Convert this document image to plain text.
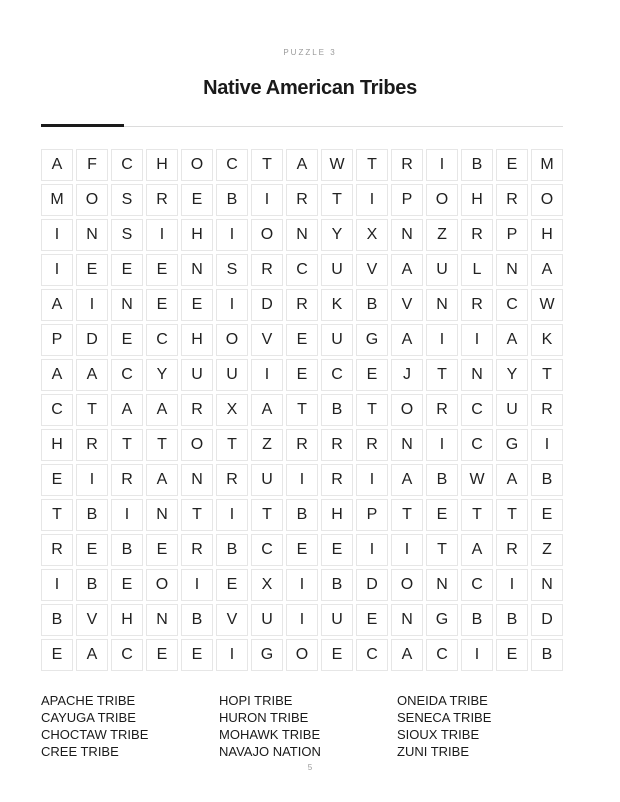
PUZZLE 3
Native American Tribes
A	F	C	H	O	C	T	A	W	T	R	I	B	E	M
M	O	S	R	E	B	I	R	T	I	P	O	H	R	O
I	N	S	I	H	I	O	N	Y	X	N	Z	R	P	H
I	E	E	E	N	S	R	C	U	V	A	U	L	N	A
A	I	N	E	E	I	D	R	K	B	V	N	R	C	W
P	D	E	C	H	O	V	E	U	G	A	I	I	A	K
A	A	C	Y	U	U	I	E	C	E	J	T	N	Y	T
C	T	A	A	R	X	A	T	B	T	O	R	C	U	R
H	R	T	T	O	T	Z	R	R	R	N	I	C	G	I
E	I	R	A	N	R	U	I	R	I	A	B	W	A	B
T	B	I	N	T	I	T	B	H	P	T	E	T	T	E
R	E	B	E	R	B	C	E	E	I	I	T	A	R	Z
I	B	E	O	I	E	X	I	B	D	O	N	C	I	N
B	V	H	N	B	V	U	I	U	E	N	G	B	B	D
E	A	C	E	E	I	G	O	E	C	A	C	I	E	B
APACHE TRIBE	HOPI TRIBE	ONEIDA TRIBE
CAYUGA TRIBE	HURON TRIBE	SENECA TRIBE
CHOCTAW TRIBE	MOHAWK TRIBE	SIOUX TRIBE
CREE TRIBE	NAVAJO NATION	ZUNI TRIBE
5
